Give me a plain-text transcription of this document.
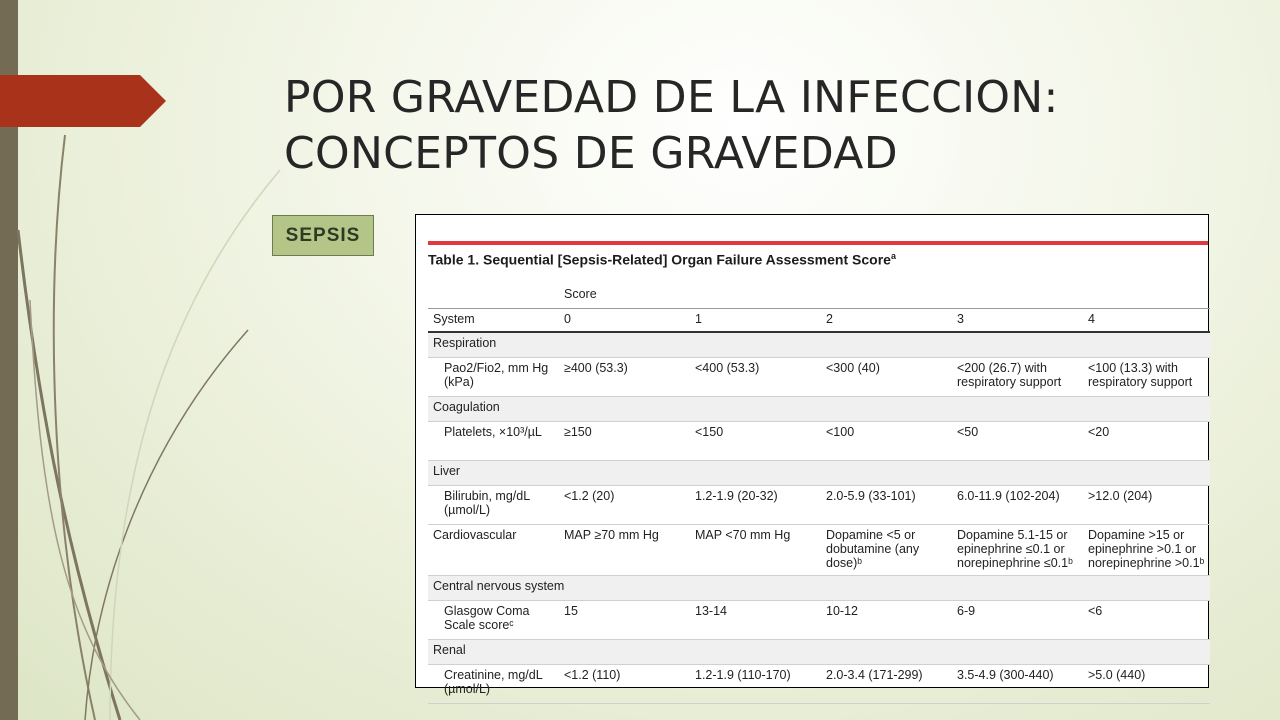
POR GRAVEDAD DE LA INFECCION: CONCEPTOS DE GRAVEDAD
SEPSIS
Table 1. Sequential [Sepsis-Related] Organ Failure Assessment Score$^a$
	Score				
System	0	1	2	3	4
Respiration					
Pao2/Fio2, mm Hg (kPa)	≥400 (53.3)	<400 (53.3)	<300 (40)	<200 (26.7) with respiratory support	<100 (13.3) with respiratory support
Coagulation					
Platelets, ×10³/µL	≥150	<150	<100	<50	<20
Liver					
Bilirubin, mg/dL (µmol/L)	<1.2 (20)	1.2-1.9 (20-32)	2.0-5.9 (33-101)	6.0-11.9 (102-204)	>12.0 (204)
Cardiovascular	MAP ≥70 mm Hg	MAP <70 mm Hg	Dopamine <5 or dobutamine (any dose)ᵇ	Dopamine 5.1-15 or epinephrine ≤0.1 or norepinephrine ≤0.1ᵇ	Dopamine >15 or epinephrine >0.1 or norepinephrine >0.1ᵇ
Central nervous system					
Glasgow Coma Scale scoreᶜ	15	13-14	10-12	6-9	<6
Renal					
Creatinine, mg/dL (µmol/L)	<1.2 (110)	1.2-1.9 (110-170)	2.0-3.4 (171-299)	3.5-4.9 (300-440)	>5.0 (440)
